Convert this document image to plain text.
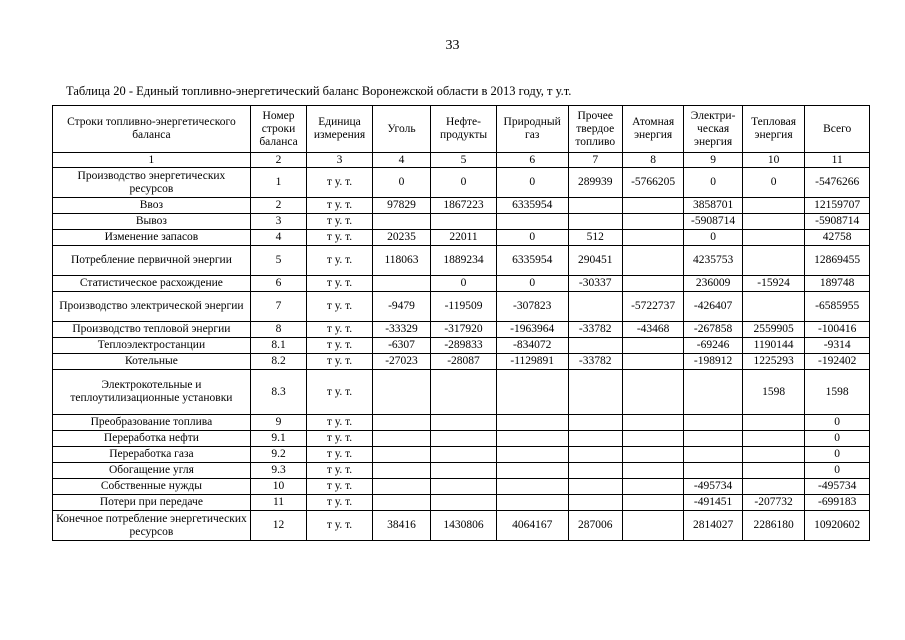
33
Таблица 20 - Единый топливно-энергетический баланс Воронежской области в 2013 году, т у.т.
Строки топливно-энергетического баланса	Номер строки баланса	Единица измерения	Уголь	Нефте-продукты	Природный газ	Прочее твердое топливо	Атомная энергия	Электри-ческая энергия	Тепловая энергия	Всего
1	2	3	4	5	6	7	8	9	10	11
Производство энергетических ресурсов	1	т у. т.	0	0	0	289939	-5766205	0	0	-5476266
Ввоз	2	т у. т.	97829	1867223	6335954			3858701		12159707
Вывоз	3	т у. т.						-5908714		-5908714
Изменение запасов	4	т у. т.	20235	22011	0	512		0		42758
Потребление первичной энергии	5	т у. т.	118063	1889234	6335954	290451		4235753		12869455
Статистическое расхождение	6	т у. т.		0	0	-30337		236009	-15924	189748
Производство электрической энергии	7	т у. т.	-9479	-119509	-307823		-5722737	-426407		-6585955
Производство тепловой энергии	8	т у. т.	-33329	-317920	-1963964	-33782	-43468	-267858	2559905	-100416
Теплоэлектростанции	8.1	т у. т.	-6307	-289833	-834072			-69246	1190144	-9314
Котельные	8.2	т у. т.	-27023	-28087	-1129891	-33782		-198912	1225293	-192402
Электрокотельные и теплоутилизационные установки	8.3	т у. т.							1598	1598
Преобразование топлива	9	т у. т.								0
Переработка нефти	9.1	т у. т.								0
Переработка газа	9.2	т у. т.								0
Обогащение угля	9.3	т у. т.								0
Собственные нужды	10	т у. т.						-495734		-495734
Потери при передаче	11	т у. т.						-491451	-207732	-699183
Конечное потребление энергетических ресурсов	12	т у. т.	38416	1430806	4064167	287006		2814027	2286180	10920602
